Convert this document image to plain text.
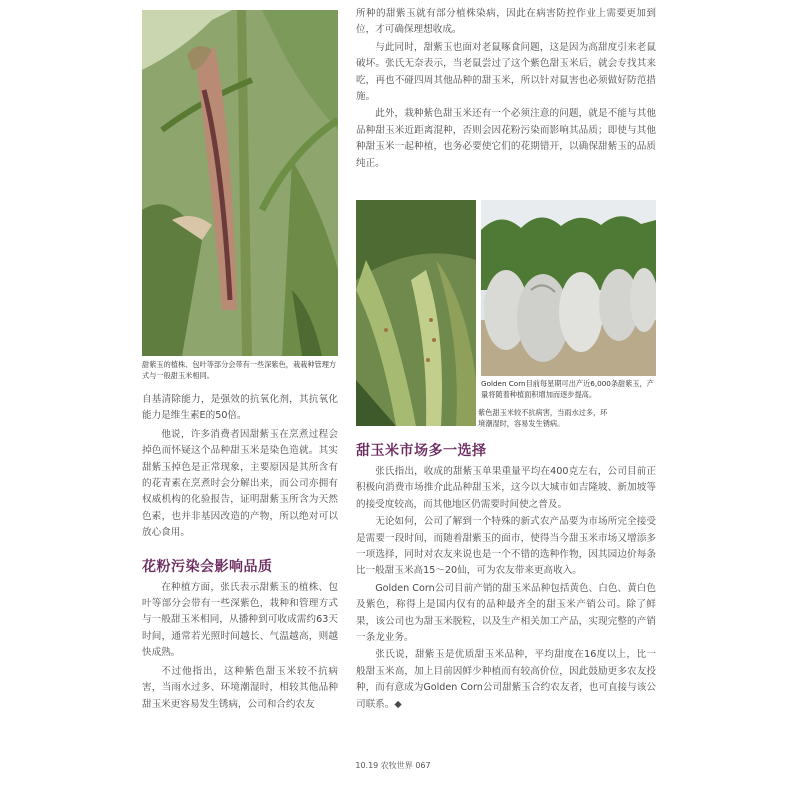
甜紫玉的植株、包叶等部分会带有一些深紫色，栽栽种管理方式与一般甜玉米相同。

自基清除能力，是强效的抗氧化剂，其抗氧化能力是维生素E的50倍。

他说，许多消费者因甜紫玉在烹煮过程会掉色而怀疑这个品种甜玉米是染色造就。其实甜紫玉掉色是正常现象，主要原因是其所含有的花青素在烹煮时会分解出来，而公司亦拥有权威机构的化验报告，证明甜紫玉所含为天然色素，也并非基因改造的产物，所以绝对可以放心食用。

花粉污染会影响品质

在种植方面，张氏表示甜紫玉的植株、包叶等部分会带有一些深紫色，栽种和管理方式与一般甜玉米相同，从播种到可收成需约63天时间，通常若光照时间越长、气温越高，则越快成熟。

不过他指出，这种紫色甜玉米较不抗病害，当雨水过多、环境潮湿时，相较其他品种甜玉米更容易发生锈病，公司和合约农友

所种的甜紫玉就有部分植株染病，因此在病害防控作业上需要更加到位，才可确保理想收成。

与此同时，甜紫玉也面对老鼠啄食问题，这是因为高甜度引来老鼠破坏。张氏无奈表示，当老鼠尝过了这个紫色甜玉米后，就会专找其来吃，再也不碰四周其他品种的甜玉米，所以针对鼠害也必须做好防范措施。

此外，栽种紫色甜玉米还有一个必须注意的问题，就是不能与其他品种甜玉米近距离混种，否则会因花粉污染而影响其品质；即使与其他种甜玉米一起种植，也务必要使它们的花期错开，以确保甜紫玉的品质纯正。

紫色甜玉米较不抗病害，当雨水过多，环境潮湿时，容易发生锈病。
Golden Corn目前每星期可出产近6,000条甜紫玉，产量将随着种植面积增加而逐步提高。

甜玉米市场多一选择

张氏指出，收成的甜紫玉单果重量平均在400克左右，公司目前正积极向消费市场推介此品种甜玉米，这今以大城市如吉隆坡、新加坡等的接受度较高，而其他地区仍需要时间使之普及。

无论如何，公司了解到一个特殊的新式农产品要为市场所完全接受是需要一段时间，而随着甜紫玉的面市，使得当今甜玉米市场又增添多一项选择，同时对农友来说也是一个不错的选种作物，因其园边价每条比一般甜玉米高15～20仙，可为农友带来更高收入。

Golden Corn公司目前产销的甜玉米品种包括黄色、白色、黄白色及紫色，称得上是国内仅有的品种最齐全的甜玉米产销公司。除了鲜果，该公司也为甜玉米脱粒，以及生产相关加工产品，实现完整的产销一条龙业务。

张氏说，甜紫玉是优质甜玉米品种，平均甜度在16度以上，比一般甜玉米高，加上目前因鲜少种植而有较高价位，因此鼓励更多农友投种，而有意成为Golden Corn公司甜紫玉合约农友者，也可直接与该公司联系。◆

10.19 农牧世界 067
